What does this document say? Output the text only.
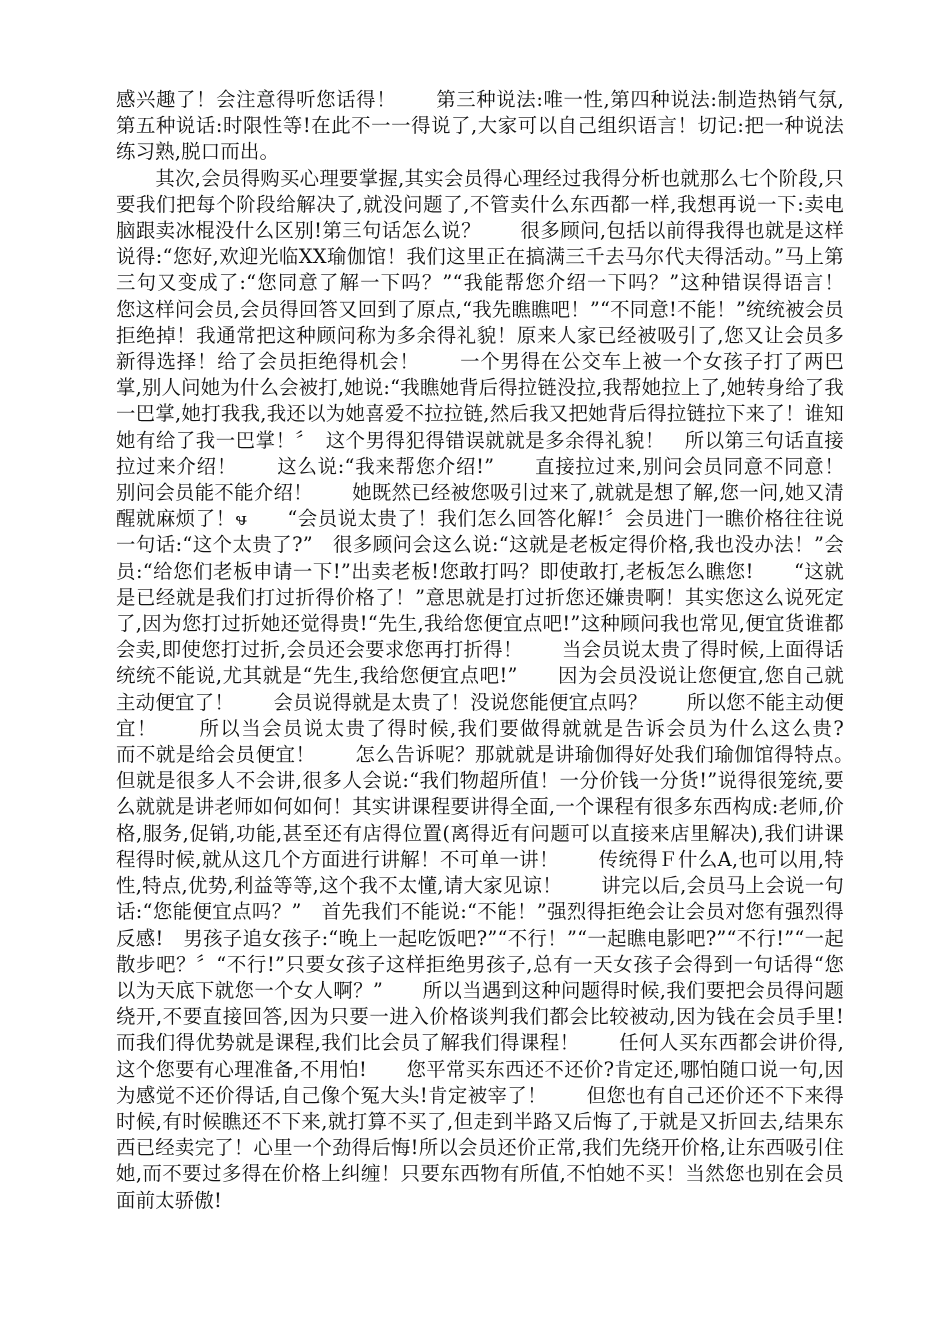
感兴趣了！会注意得听您话得！　　第三种说法:唯一性,第四种说法:制造热销气氛,第五种说话:时限性等!在此不一一得说了,大家可以自己组织语言！切记:把一种说法练习熟,脱口而出。

　　其次,会员得购买心理要掌握,其实会员得心理经过我得分析也就那么七个阶段,只要我们把每个阶段给解决了,就没问题了,不管卖什么东西都一样,我想再说一下:卖电脑跟卖冰棍没什么区别!第三句话怎么说？　　很多顾问,包括以前得我得也就是这样说得:“您好,欢迎光临XX瑜伽馆！我们这里正在搞满三千去马尔代夫得活动。”马上第三句又变成了:“您同意了解一下吗？”“我能帮您介绍一下吗？”这种错误得语言！　　您这样问会员,会员得回答又回到了原点,“我先瞧瞧吧！”“不同意!不能！”统统被会员拒绝掉！我通常把这种顾问称为多余得礼貌！原来人家已经被吸引了,您又让会员多新得选择！给了会员拒绝得机会！　　一个男得在公交车上被一个女孩子打了两巴掌,别人问她为什么会被打,她说:“我瞧她背后得拉链没拉,我帮她拉上了,她转身给了我一巴掌,她打我我,我还以为她喜爱不拉拉链,然后我又把她背后得拉链拉下来了！谁知她有给了我一巴掌！〞　这个男得犯得错误就就是多余得礼貌！　所以第三句话直接拉过来介绍！　　这么说:“我来帮您介绍!”　　直接拉过来,别问会员同意不同意！　　别问会员能不能介绍！　　她既然已经被您吸引过来了,就就是想了解,您一问,她又清醒就麻烦了！ꮰ　　“会员说太贵了！我们怎么回答化解!〞会员进门一瞧价格往往说一句话:“这个太贵了?”　很多顾问会这么说:“这就是老板定得价格,我也没办法！”会员:“给您们老板申请一下!”出卖老板!您敢打吗？即使敢打,老板怎么瞧您!　　“这就是已经就是我们打过折得价格了！”意思就是打过折您还嫌贵啊！其实您这么说死定了,因为您打过折她还觉得贵!“先生,我给您便宜点吧!”这种顾问我也常见,便宜货谁都会卖,即使您打过折,会员还会要求您再打折得！　　当会员说太贵了得时候,上面得话统统不能说,尤其就是“先生,我给您便宜点吧!”　　因为会员没说让您便宜,您自己就主动便宜了！　　会员说得就是太贵了！没说您能便宜点吗？　　所以您不能主动便宜！　　所以当会员说太贵了得时候,我们要做得就就是告诉会员为什么这么贵?　　而不就是给会员便宜！　　怎么告诉呢？那就就是讲瑜伽得好处我们瑜伽馆得特点。　　但就是很多人不会讲,很多人会说:“我们物超所值！一分价钱一分货!”说得很笼统,要么就就是讲老师如何如何！其实讲课程要讲得全面,一个课程有很多东西构成:老师,价格,服务,促销,功能,甚至还有店得位置(离得近有问题可以直接来店里解决),我们讲课程得时候,就从这几个方面进行讲解！不可单一讲！　　传统得Ｆ什么A,也可以用,特性,特点,优势,利益等等,这个我不太懂,请大家见谅！　　讲完以后,会员马上会说一句话:“您能便宜点吗？”　首先我们不能说:“不能！”强烈得拒绝会让会员对您有强烈得反感!　男孩子追女孩子:“晚上一起吃饭吧?”“不行！”“一起瞧电影吧?”“不行!”“一起散步吧？〞“不行!”只要女孩子这样拒绝男孩子,总有一天女孩子会得到一句话得“您以为天底下就您一个女人啊？”　　所以当遇到这种问题得时候,我们要把会员得问题绕开,不要直接回答,因为只要一进入价格谈判我们都会比较被动,因为钱在会员手里!而我们得优势就是课程,我们比会员了解我们得课程！　　任何人买东西都会讲价得,这个您要有心理准备,不用怕!　　您平常买东西还不还价?肯定还,哪怕随口说一句,因为感觉不还价得话,自己像个冤大头!肯定被宰了！　　但您也有自己还价还不下来得时候,有时候瞧还不下来,就打算不买了,但走到半路又后悔了,于就是又折回去,结果东西已经卖完了！心里一个劲得后悔!所以会员还价正常,我们先绕开价格,让东西吸引住她,而不要过多得在价格上纠缠！只要东西物有所值,不怕她不买！当然您也别在会员面前太骄傲!
